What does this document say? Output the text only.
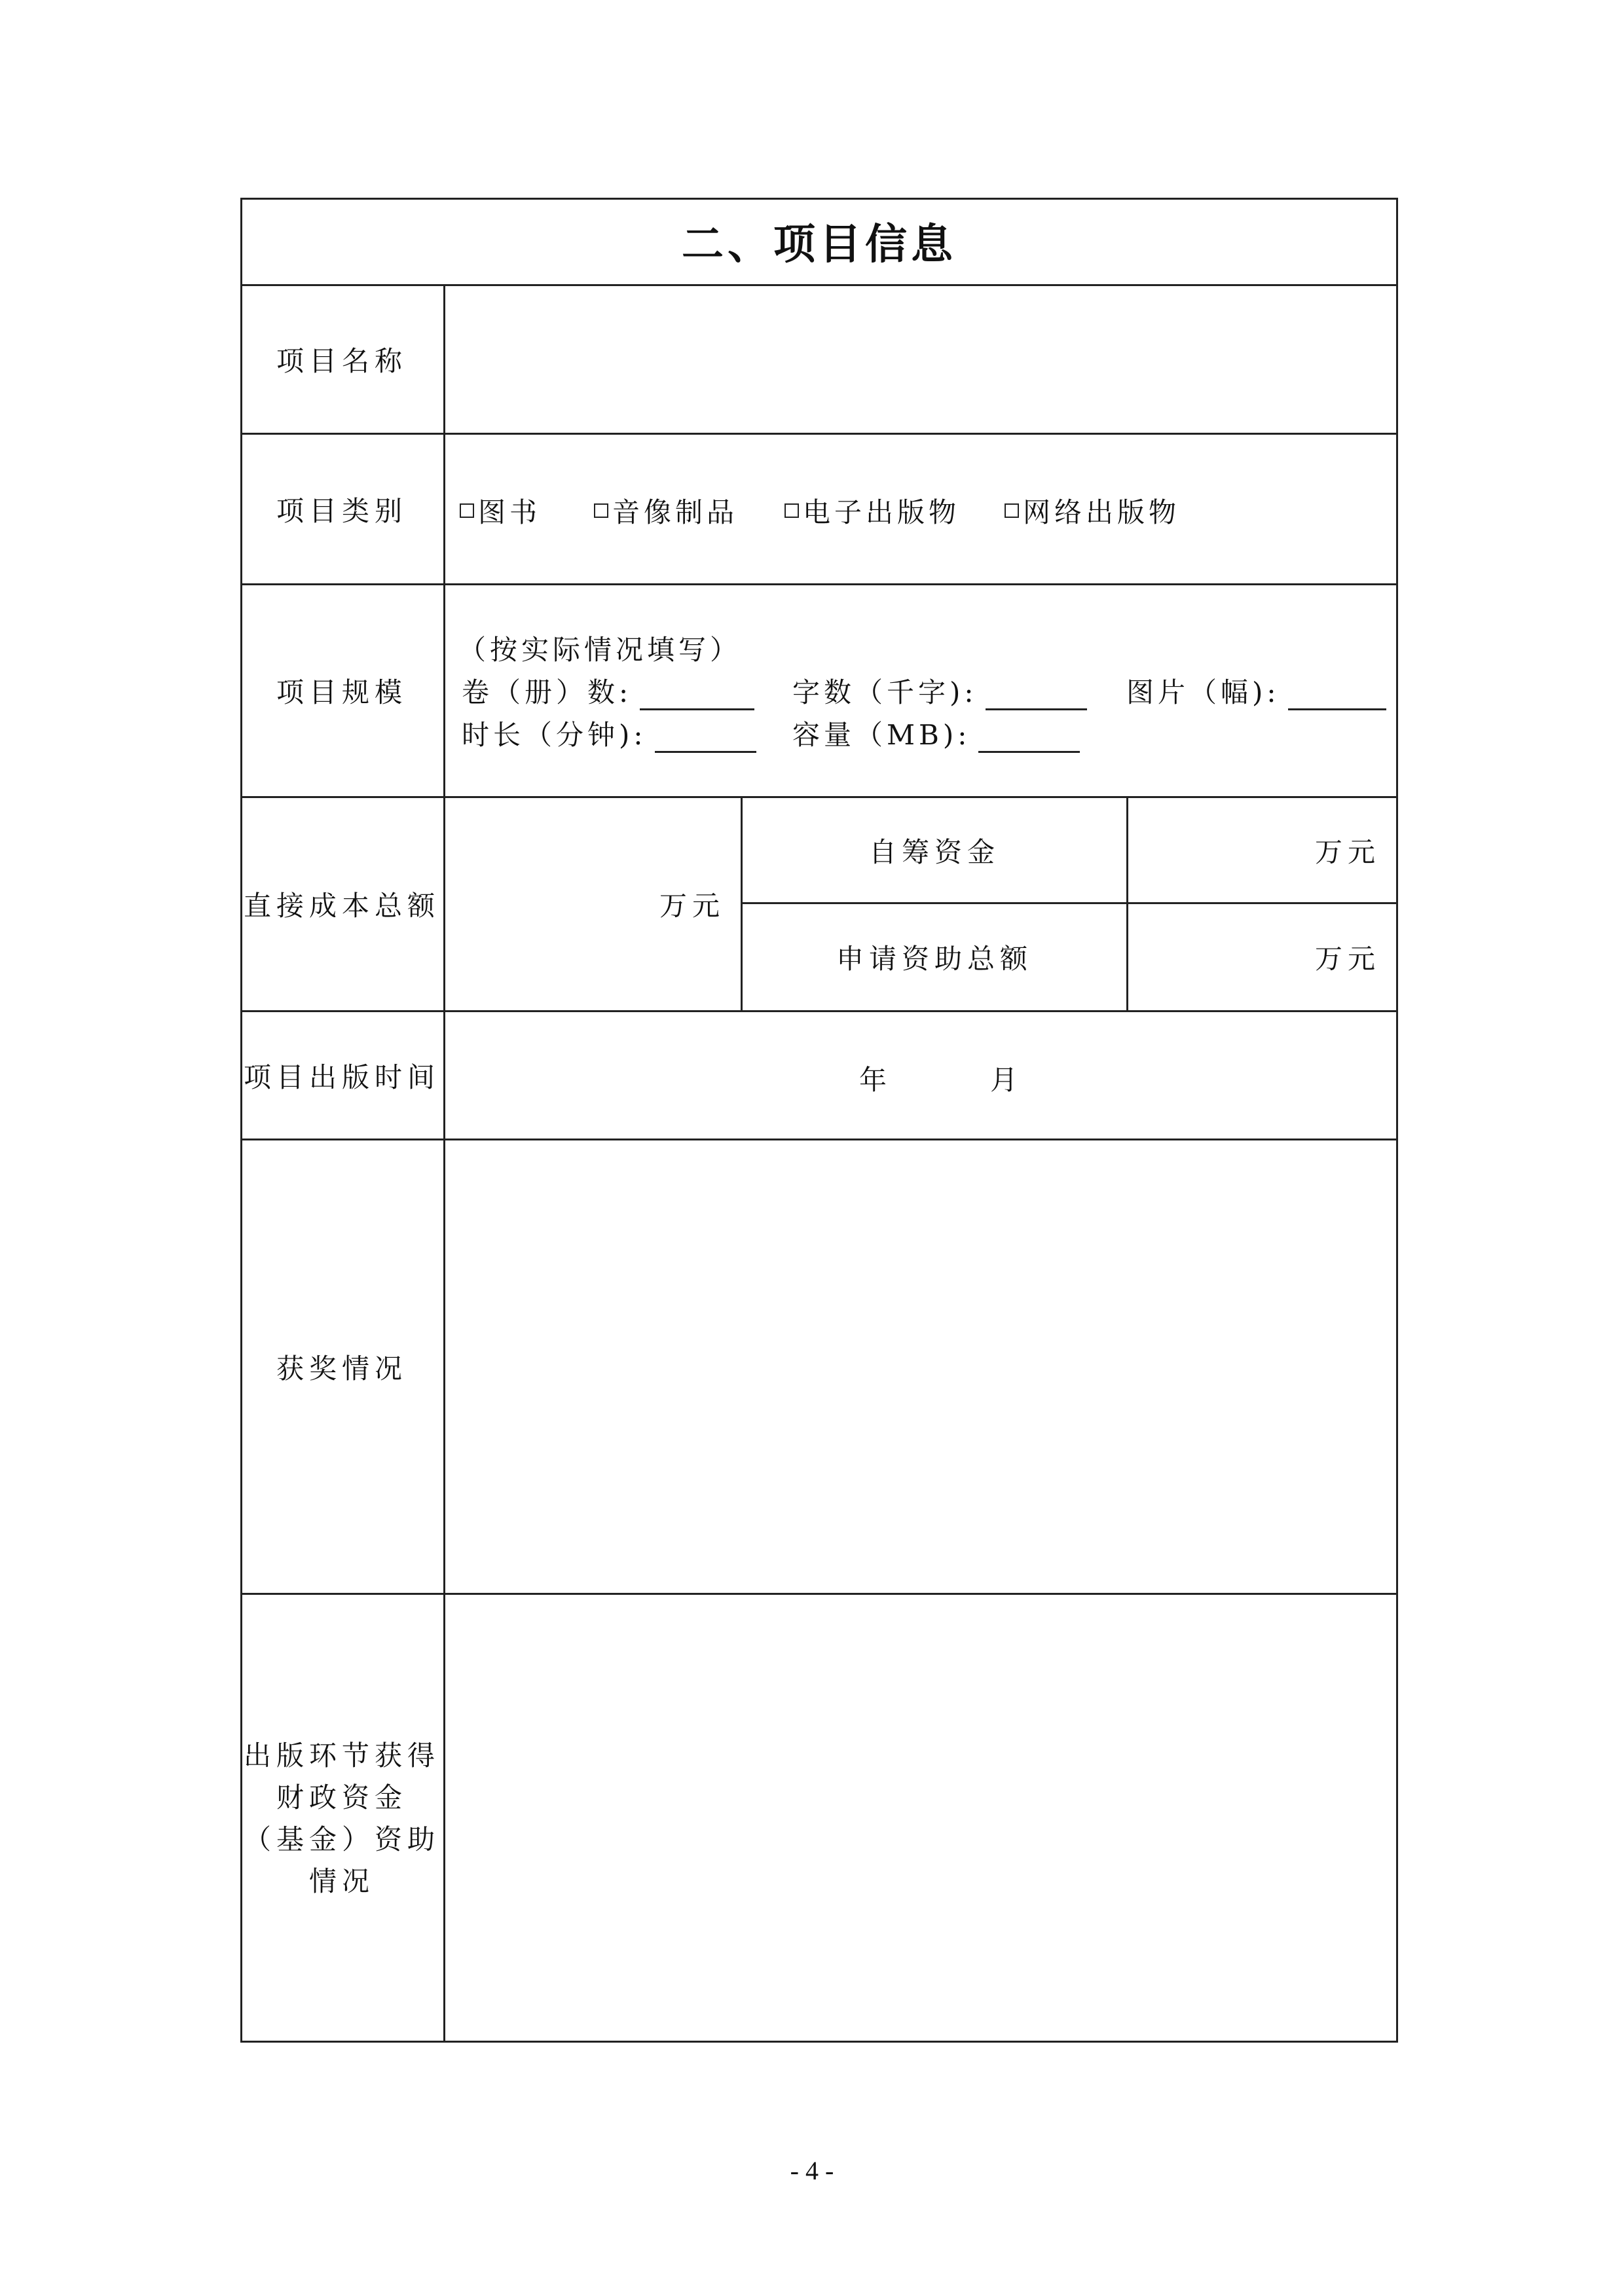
二、项目信息
项目名称
项目类别	图书	音像制品 电子出版物 网络出版物
项目规模
（按实际情况填写）
卷（册）数:	字数（千字):	图片（幅):
时长（分钟):	容量（MB):
直接成本总额	万元
自筹资金	万元
申请资助总额	万元
项目出版时间	年	月
获奖情况
出版环节获得
财政资金
（基金）资助
情况
- 4 -
